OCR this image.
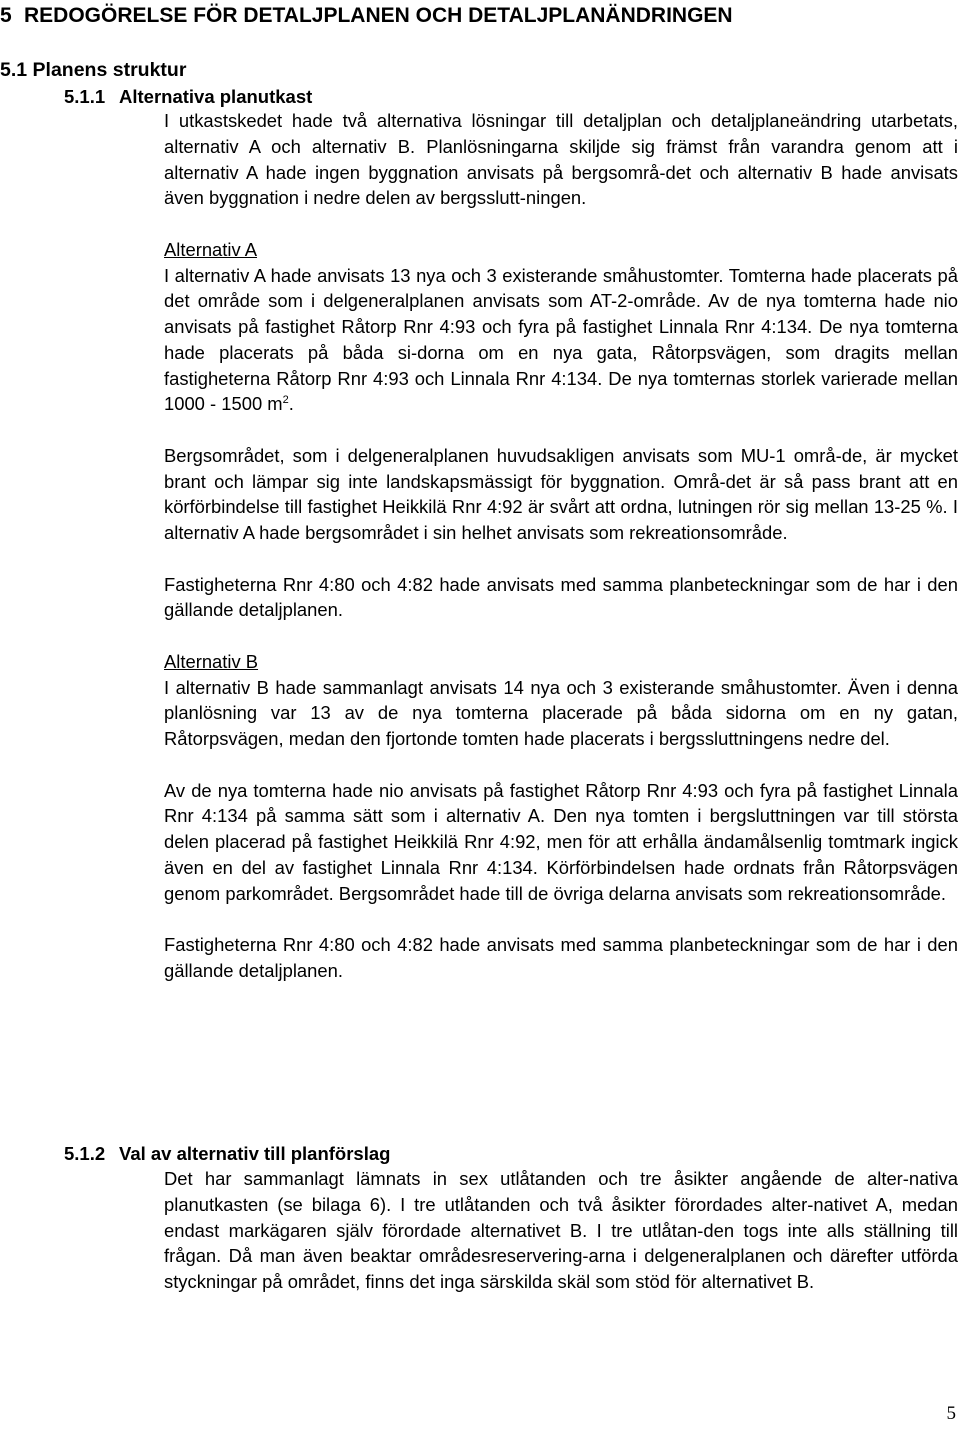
5 REDOGÖRELSE FÖR DETALJPLANEN OCH DETALJPLANÄNDRINGEN
5.1 Planens struktur
5.1.1 Alternativa planutkast

I utkastskedet hade två alternativa lösningar till detaljplan och detaljplaneändring utarbetats, alternativ A och alternativ B. Planlösningarna skiljde sig främst från varandra genom att i alternativ A hade ingen byggnation anvisats på bergsområ-det och alternativ B hade anvisats även byggnation i nedre delen av bergsslutt-ningen.

Alternativ A
I alternativ A hade anvisats 13 nya och 3 existerande småhustomter. Tomterna hade placerats på det område som i delgeneralplanen anvisats som AT-2-område. Av de nya tomterna hade nio anvisats på fastighet Råtorp Rnr 4:93 och fyra på fastighet Linnala Rnr 4:134. De nya tomterna hade placerats på båda si-dorna om en nya gata, Råtorpsvägen, som dragits mellan fastigheterna Råtorp Rnr 4:93 och Linnala Rnr 4:134. De nya tomternas storlek varierade mellan 1000 - 1500 $m^2$.

Bergsområdet, som i delgeneralplanen huvudsakligen anvisats som MU-1 områ-de, är mycket brant och lämpar sig inte landskapsmässigt för byggnation. Områ-det är så pass brant att en körförbindelse till fastighet Heikkilä Rnr 4:92 är svårt att ordna, lutningen rör sig mellan 13-25 %. I alternativ A hade bergsområdet i sin helhet anvisats som rekreationsområde.

Fastigheterna Rnr 4:80 och 4:82 hade anvisats med samma planbeteckningar som de har i den gällande detaljplanen.

Alternativ B
I alternativ B hade sammanlagt anvisats 14 nya och 3 existerande småhustomter. Även i denna planlösning var 13 av de nya tomterna placerade på båda sidorna om en ny gatan, Råtorpsvägen, medan den fjortonde tomten hade placerats i bergssluttningens nedre del.

Av de nya tomterna hade nio anvisats på fastighet Råtorp Rnr 4:93 och fyra på fastighet Linnala Rnr 4:134 på samma sätt som i alternativ A. Den nya tomten i bergsluttningen var till största delen placerad på fastighet Heikkilä Rnr 4:92, men för att erhålla ändamålsenlig tomtmark ingick även en del av fastighet Linnala Rnr 4:134. Körförbindelsen hade ordnats från Råtorpsvägen genom parkområdet. Bergsområdet hade till de övriga delarna anvisats som rekreationsområde.

Fastigheterna Rnr 4:80 och 4:82 hade anvisats med samma planbeteckningar som de har i den gällande detaljplanen.

5.1.2 Val av alternativ till planförslag

Det har sammanlagt lämnats in sex utlåtanden och tre åsikter angående de alter-nativa planutkasten (se bilaga 6). I tre utlåtanden och två åsikter förordades alter-nativet A, medan endast markägaren själv förordade alternativet B. I tre utlåtan-den togs inte alls ställning till frågan. Då man även beaktar områdesreservering-arna i delgeneralplanen och därefter utförda styckningar på området, finns det inga särskilda skäl som stöd för alternativet B.

5
